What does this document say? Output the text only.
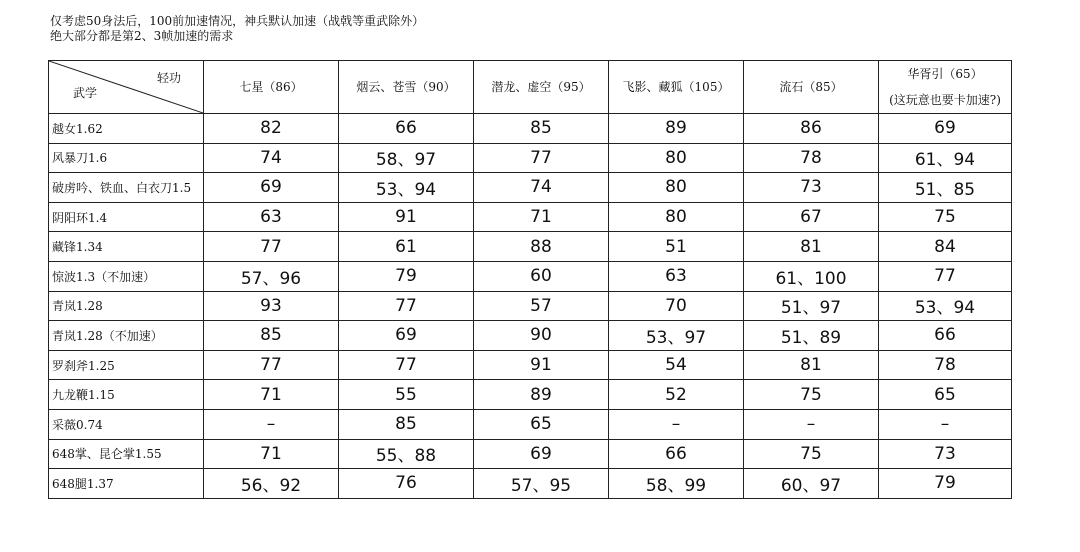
仅考虑50身法后，100前加速情况，神兵默认加速（战戟等重武除外）
绝大部分都是第2、3帧加速的需求
轻功
武学	七星（86）	烟云、苍雪（90）	潜龙、虚空（95）	飞影、藏狐（105）	流石（85）	华胥引（65）
(这玩意也要卡加速?)

越女1.62	82	66	85	89	86	69
风暴刀1.6	74	58、97	77	80	78	61、94
破虏吟、铁血、白衣刀1.5	69	53、94	74	80	73	51、85
阴阳环1.4	63	91	71	80	67	75
藏锋1.34	77	61	88	51	81	84
惊波1.3（不加速）	57、96	79	60	63	61、100	77
青岚1.28	93	77	57	70	51、97	53、94
青岚1.28（不加速）	85	69	90	53、97	51、89	66
罗刹斧1.25	77	77	91	54	81	78
九龙鞭1.15	71	55	89	52	75	65
采薇0.74	–	85	65	–	–	–
648掌、昆仑掌1.55	71	55、88	69	66	75	73
648腿1.37	56、92	76	57、95	58、99	60、97	79
